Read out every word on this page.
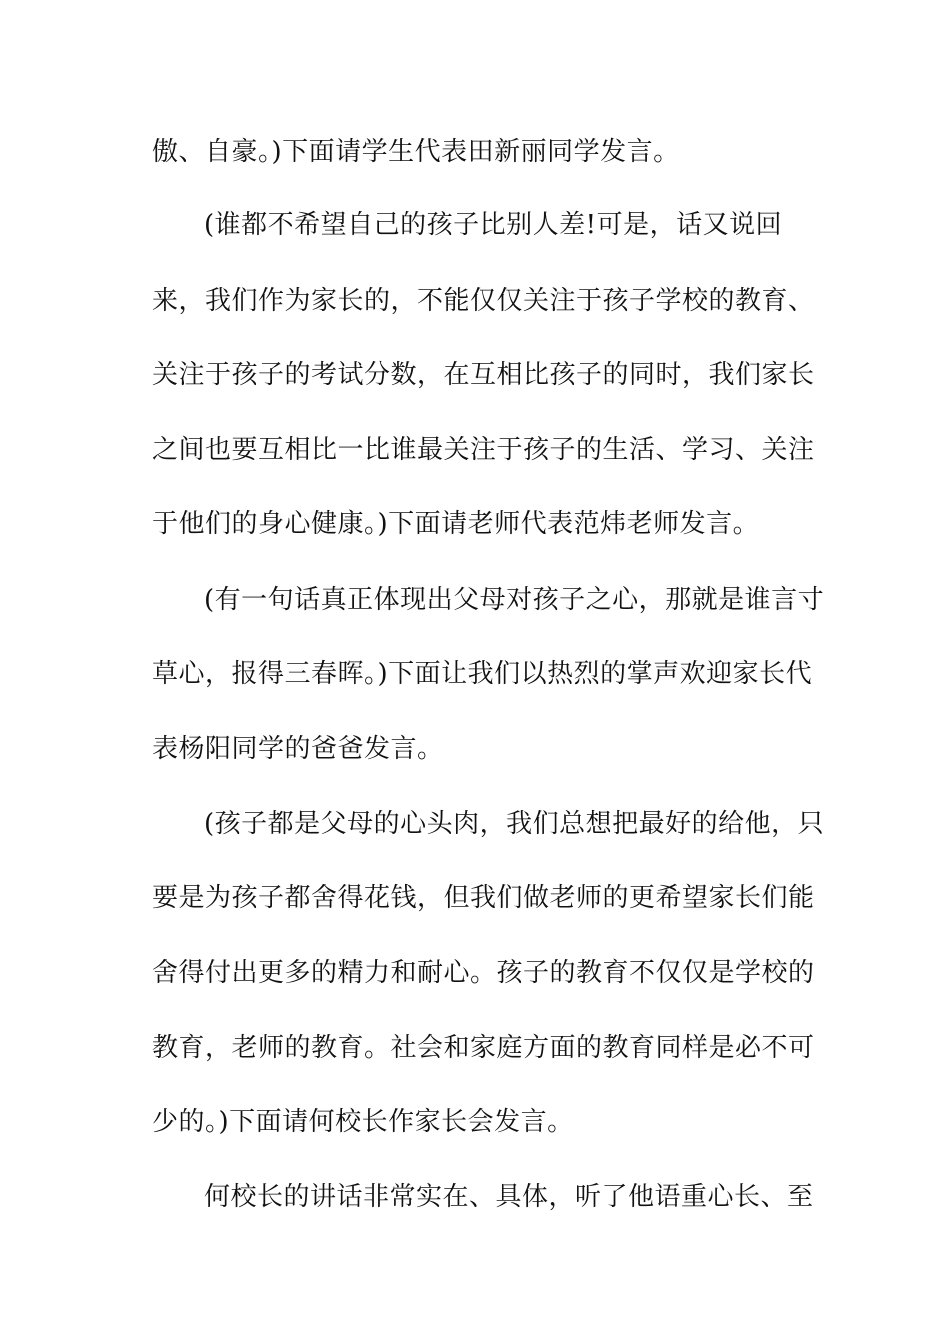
傲、自豪。)下面请学生代表田新丽同学发言。
(谁都不希望自己的孩子比别人差!可是，话又说回
来，我们作为家长的，不能仅仅关注于孩子学校的教育、
关注于孩子的考试分数，在互相比孩子的同时，我们家长
之间也要互相比一比谁最关注于孩子的生活、学习、关注
于他们的身心健康。)下面请老师代表范炜老师发言。
(有一句话真正体现出父母对孩子之心，那就是谁言寸
草心，报得三春晖。)下面让我们以热烈的掌声欢迎家长代
表杨阳同学的爸爸发言。
(孩子都是父母的心头肉，我们总想把最好的给他，只
要是为孩子都舍得花钱，但我们做老师的更希望家长们能
舍得付出更多的精力和耐心。孩子的教育不仅仅是学校的
教育，老师的教育。社会和家庭方面的教育同样是必不可
少的。)下面请何校长作家长会发言。
何校长的讲话非常实在、具体，听了他语重心长、至
